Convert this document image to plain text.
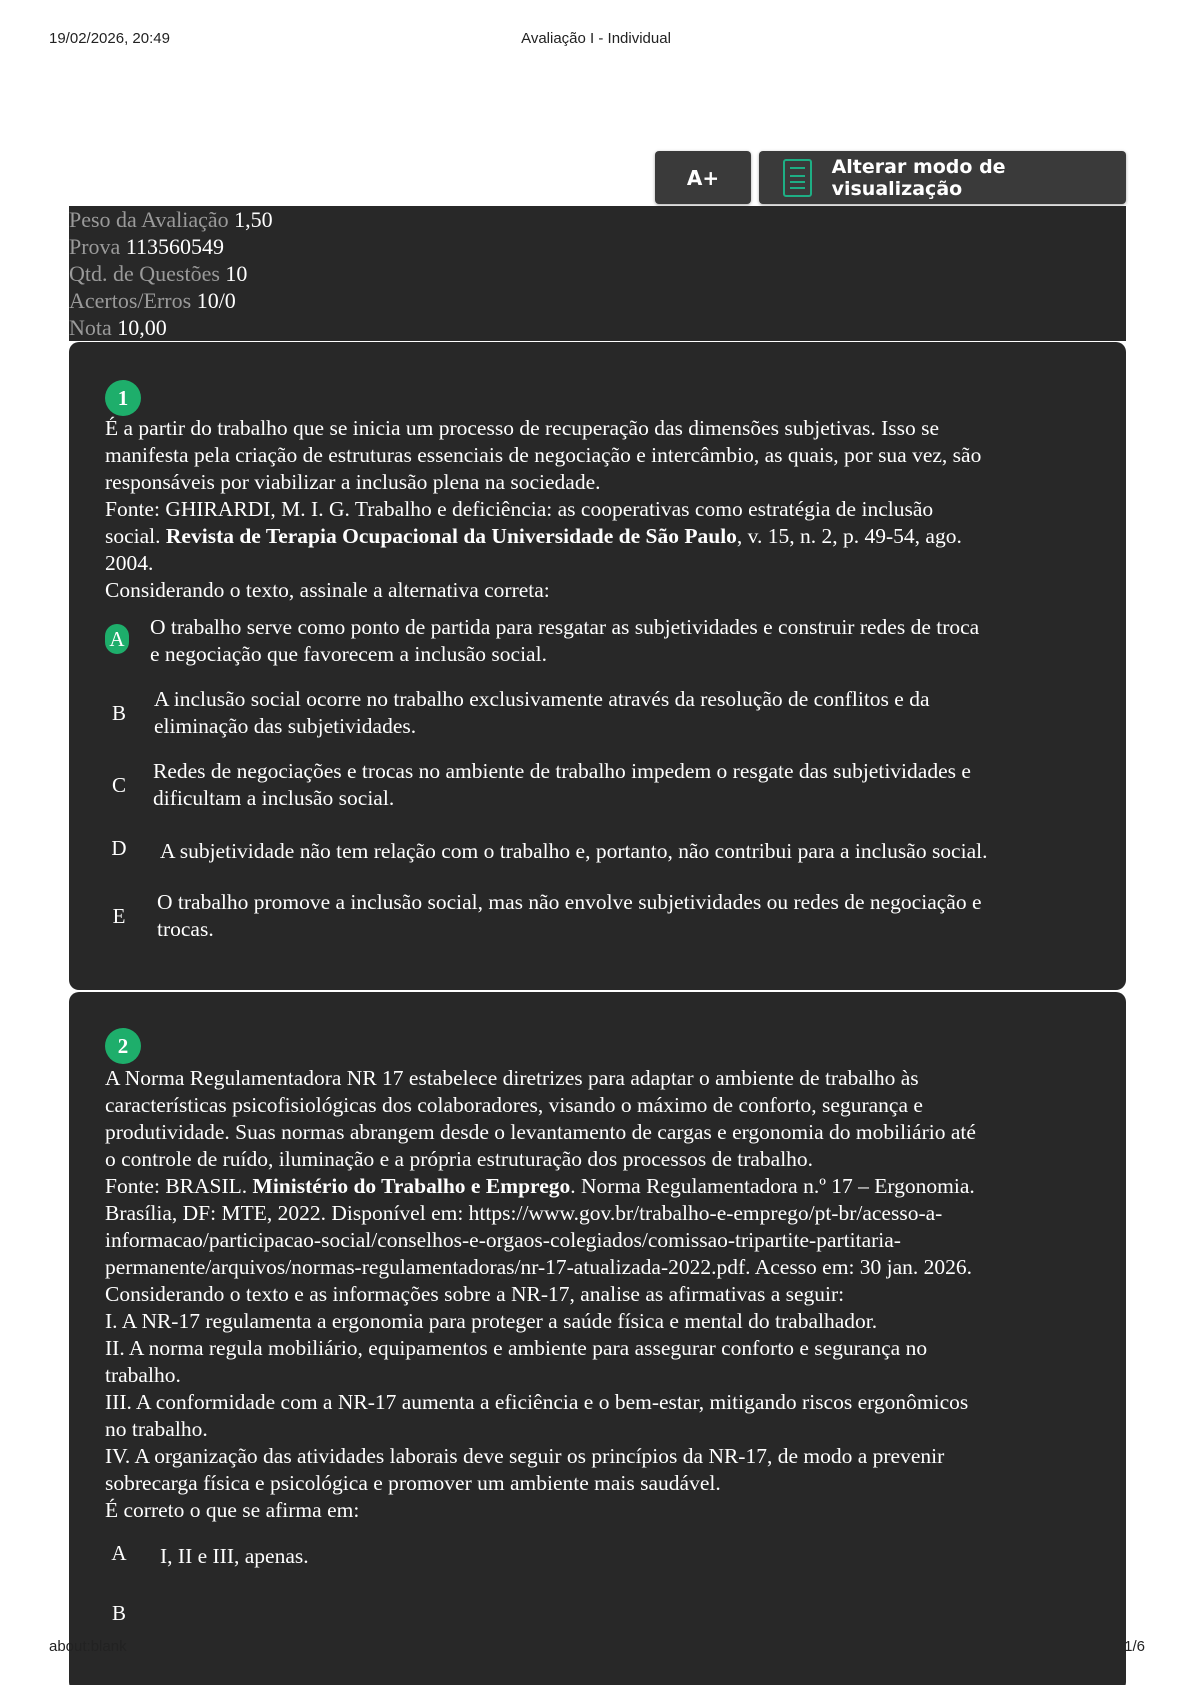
19/02/2026, 20:49	Avaliação I - Individual
A+	Alterar modo de visualização
Peso da Avaliação 1,50
Prova 113560549
Qtd. de Questões 10
Acertos/Erros 10/0
Nota 10,00
1

É a partir do trabalho que se inicia um processo de recuperação das dimensões subjetivas. Isso se

manifesta pela criação de estruturas essenciais de negociação e intercâmbio, as quais, por sua vez, são

responsáveis por viabilizar a inclusão plena na sociedade.

Fonte: GHIRARDI, M. I. G. Trabalho e deficiência: as cooperativas como estratégia de inclusão

social. Revista de Terapia Ocupacional da Universidade de São Paulo, v. 15, n. 2, p. 49-54, ago.

2004.

Considerando o texto, assinale a alternativa correta:

A O trabalho serve como ponto de partida para resgatar as subjetividades e construir redes de troca
e negociação que favorecem a inclusão social.
B
A inclusão social ocorre no trabalho exclusivamente através da resolução de conflitos e da
eliminação das subjetividades.
C
Redes de negociações e trocas no ambiente de trabalho impedem o resgate das subjetividades e
dificultam a inclusão social.
D A subjetividade não tem relação com o trabalho e, portanto, não contribui para a inclusão social.
E
O trabalho promove a inclusão social, mas não envolve subjetividades ou redes de negociação e
trocas.
2

A Norma Regulamentadora NR 17 estabelece diretrizes para adaptar o ambiente de trabalho às

características psicofisiológicas dos colaboradores, visando o máximo de conforto, segurança e

produtividade. Suas normas abrangem desde o levantamento de cargas e ergonomia do mobiliário até

o controle de ruído, iluminação e a própria estruturação dos processos de trabalho.

Fonte: BRASIL. Ministério do Trabalho e Emprego. Norma Regulamentadora n.º 17 – Ergonomia.

Brasília, DF: MTE, 2022. Disponível em: https://www.gov.br/trabalho-e-emprego/pt-br/acesso-a-

informacao/participacao-social/conselhos-e-orgaos-colegiados/comissao-tripartite-partitaria-

permanente/arquivos/normas-regulamentadoras/nr-17-atualizada-2022.pdf. Acesso em: 30 jan. 2026.

Considerando o texto e as informações sobre a NR-17, analise as afirmativas a seguir:

I. A NR-17 regulamenta a ergonomia para proteger a saúde física e mental do trabalhador.

II. A norma regula mobiliário, equipamentos e ambiente para assegurar conforto e segurança no

trabalho.

III. A conformidade com a NR-17 aumenta a eficiência e o bem-estar, mitigando riscos ergonômicos

no trabalho.

IV. A organização das atividades laborais deve seguir os princípios da NR-17, de modo a prevenir

sobrecarga física e psicológica e promover um ambiente mais saudável.

É correto o que se afirma em:

A I, II e III, apenas.
B
about:blank	1/6
